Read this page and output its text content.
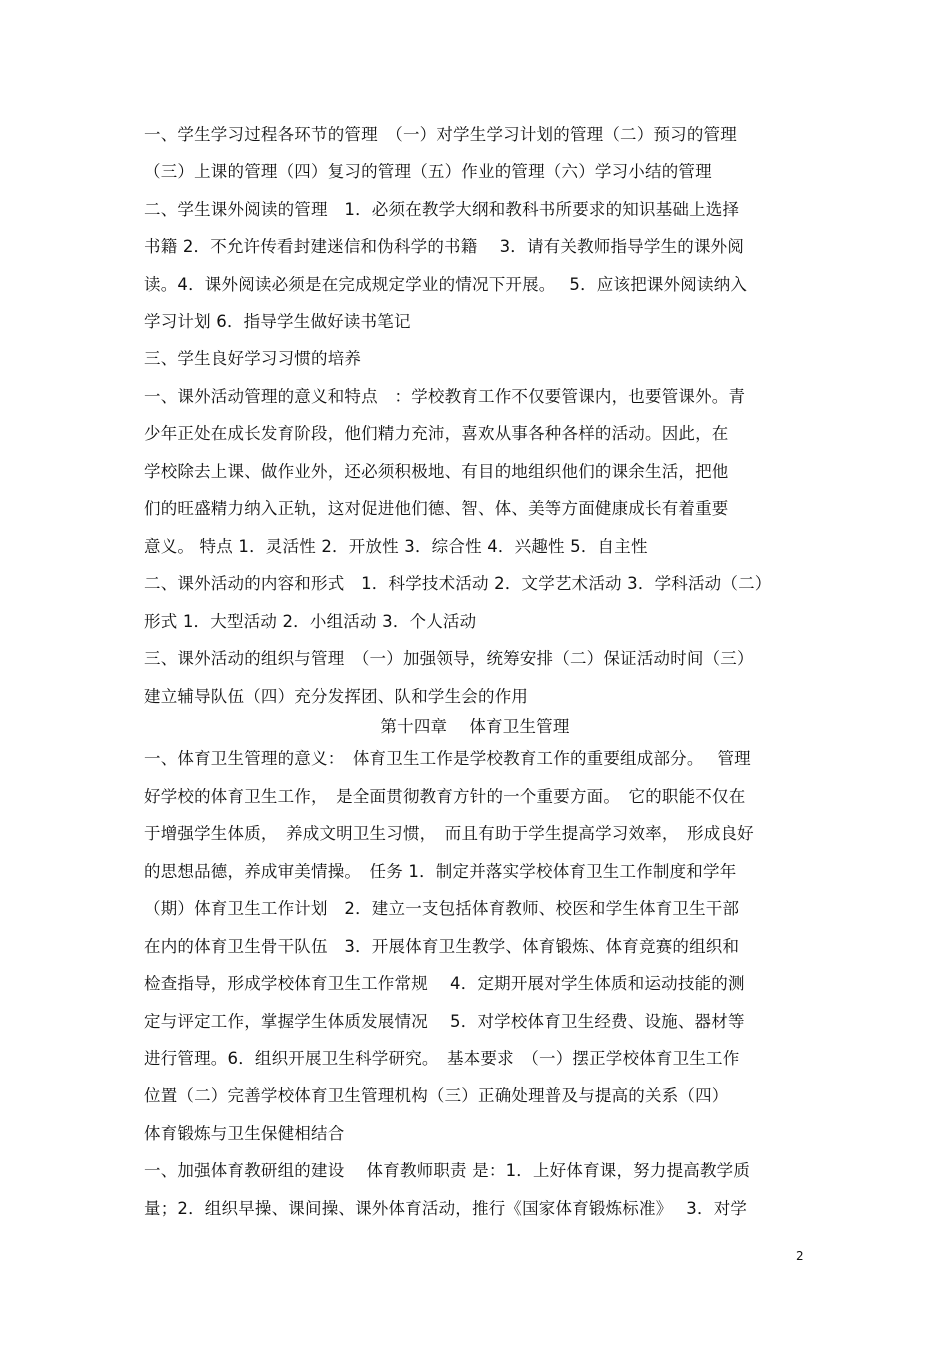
一、学生学习过程各环节的管理　（一）对学生学习计划的管理（二）预习的管理
（三）上课的管理（四）复习的管理（五）作业的管理（六）学习小结的管理
二、学生课外阅读的管理　1．必须在教学大纲和教科书所要求的知识基础上选择
书籍 2．不允许传看封建迷信和伪科学的书籍　 3．请有关教师指导学生的课外阅
读。4．课外阅读必须是在完成规定学业的情况下开展。　 5．应该把课外阅读纳入
学习计划 6．指导学生做好读书笔记
三、学生良好学习习惯的培养
一、课外活动管理的意义和特点　：学校教育工作不仅要管课内，也要管课外。青
少年正处在成长发育阶段，他们精力充沛，喜欢从事各种各样的活动。因此，在
学校除去上课、做作业外，还必须积极地、有目的地组织他们的课余生活，把他
们的旺盛精力纳入正轨，这对促进他们德、智、体、美等方面健康成长有着重要
意义。 特点 1．灵活性 2．开放性 3．综合性 4．兴趣性 5．自主性
二、课外活动的内容和形式　1．科学技术活动 2．文学艺术活动 3．学科活动（二）
形式 1．大型活动 2．小组活动 3．个人活动
三、课外活动的组织与管理　（一）加强领导，统筹安排（二）保证活动时间（三）
建立辅导队伍（四）充分发挥团、队和学生会的作用
第十四章　 体育卫生管理
一、体育卫生管理的意义：　体育卫生工作是学校教育工作的重要组成部分。　 管理
好学校的体育卫生工作，　是全面贯彻教育方针的一个重要方面。　它的职能不仅在
于增强学生体质，　养成文明卫生习惯，　而且有助于学生提高学习效率，　形成良好
的思想品德，养成审美情操。　任务 1．制定并落实学校体育卫生工作制度和学年
（期）体育卫生工作计划　2．建立一支包括体育教师、校医和学生体育卫生干部
在内的体育卫生骨干队伍　3．开展体育卫生教学、体育锻炼、体育竞赛的组织和
检查指导，形成学校体育卫生工作常规　 4．定期开展对学生体质和运动技能的测
定与评定工作，掌握学生体质发展情况　 5．对学校体育卫生经费、设施、器材等
进行管理。6．组织开展卫生科学研究。　基本要求　（一）摆正学校体育卫生工作
位置（二）完善学校体育卫生管理机构（三）正确处理普及与提高的关系（四）
体育锻炼与卫生保健相结合
一、加强体育教研组的建设　 体育教师职责 是：1．上好体育课，努力提高教学质
量；2．组织早操、课间操、课外体育活动，推行《国家体育锻炼标准》　 3．对学
2
